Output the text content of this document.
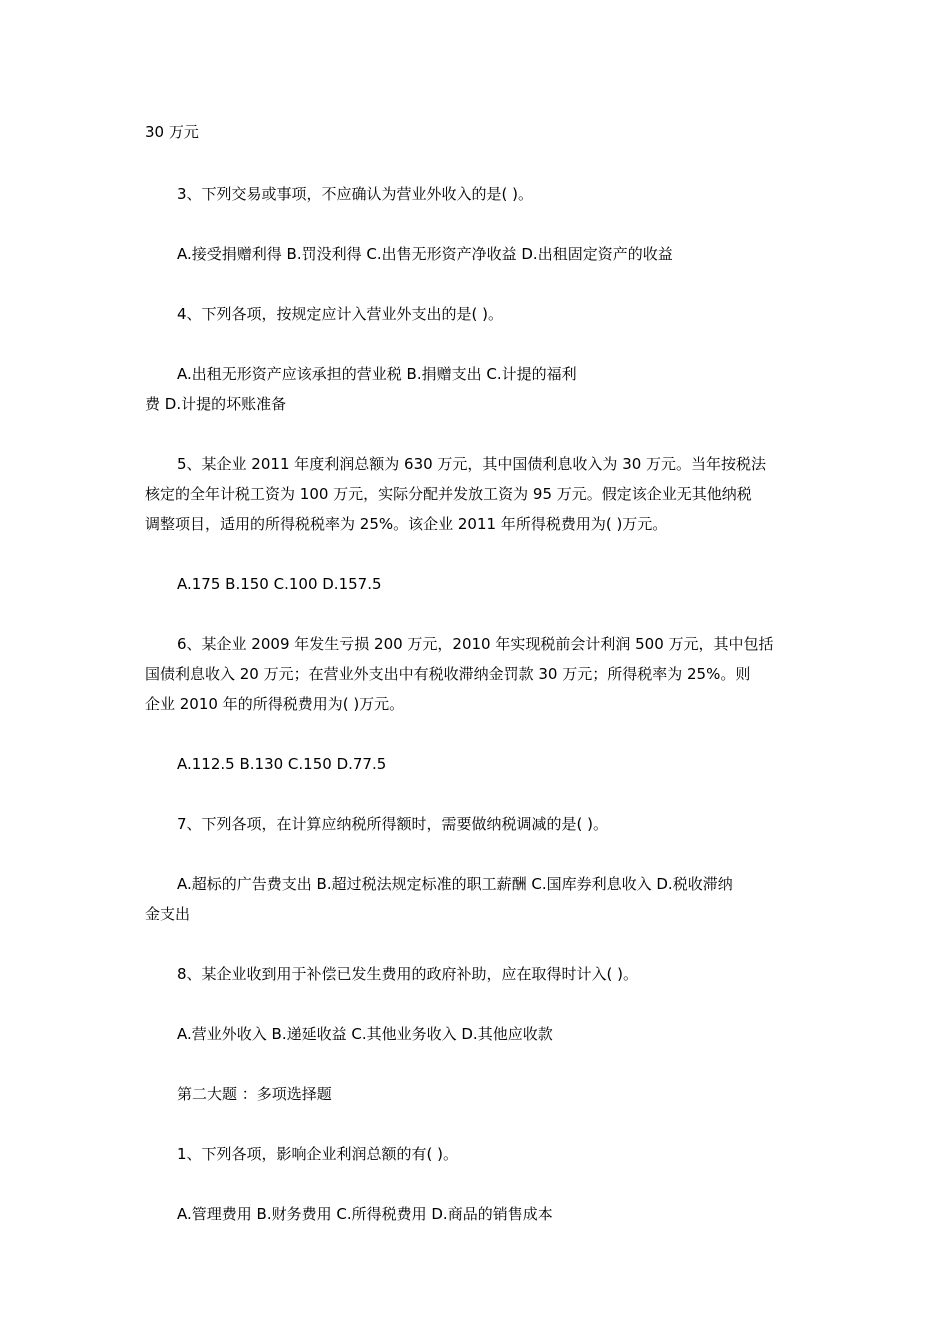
30 万元
3、下列交易或事项，不应确认为营业外收入的是( )。
A.接受捐赠利得 B.罚没利得 C.出售无形资产净收益 D.出租固定资产的收益
4、下列各项，按规定应计入营业外支出的是( )。
A.出租无形资产应该承担的营业税 B.捐赠支出 C.计提的福利
费 D.计提的坏账准备
5、某企业 2011 年度利润总额为 630 万元，其中国债利息收入为 30 万元。当年按税法
核定的全年计税工资为 100 万元，实际分配并发放工资为 95 万元。假定该企业无其他纳税
调整项目，适用的所得税税率为 25%。该企业 2011 年所得税费用为( )万元。
A.175 B.150 C.100 D.157.5
6、某企业 2009 年发生亏损 200 万元，2010 年实现税前会计利润 500 万元，其中包括
国债利息收入 20 万元；在营业外支出中有税收滞纳金罚款 30 万元；所得税率为 25%。则
企业 2010 年的所得税费用为( )万元。
A.112.5 B.130 C.150 D.77.5
7、下列各项，在计算应纳税所得额时，需要做纳税调减的是( )。
A.超标的广告费支出 B.超过税法规定标准的职工薪酬 C.国库券利息收入 D.税收滞纳
金支出
8、某企业收到用于补偿已发生费用的政府补助，应在取得时计入( )。
A.营业外收入 B.递延收益 C.其他业务收入 D.其他应收款
第二大题 ：多项选择题
1、下列各项，影响企业利润总额的有( )。
A.管理费用 B.财务费用 C.所得税费用 D.商品的销售成本
